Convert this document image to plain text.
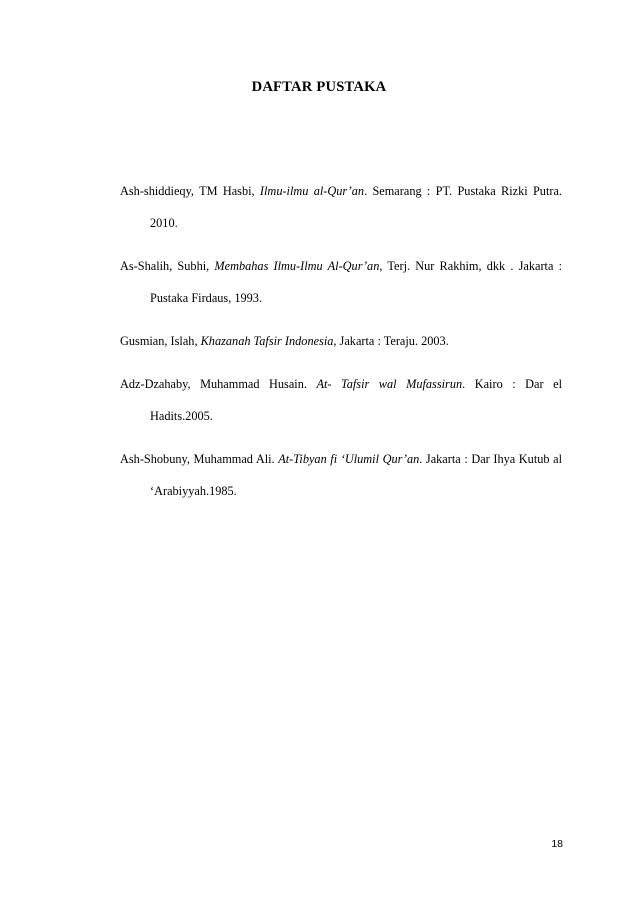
DAFTAR PUSTAKA

Ash-shiddieqy, TM Hasbi, Ilmu-ilmu al-Qur’an. Semarang : PT. Pustaka Rizki Putra. 2010.

As-Shalih, Subhi, Membahas Ilmu-Ilmu Al-Qur’an, Terj. Nur Rakhim, dkk . Jakarta : Pustaka Firdaus, 1993.

Gusmian, Islah, Khazanah Tafsir Indonesia, Jakarta : Teraju. 2003.

Adz-Dzahaby, Muhammad Husain. At- Tafsir wal Mufassirun. Kairo : Dar el Hadits.2005.

Ash-Shobuny, Muhammad Ali. At-Tibyan fi ‘Ulumil Qur’an. Jakarta : Dar Ihya Kutub al ‘Arabiyyah.1985.

18
